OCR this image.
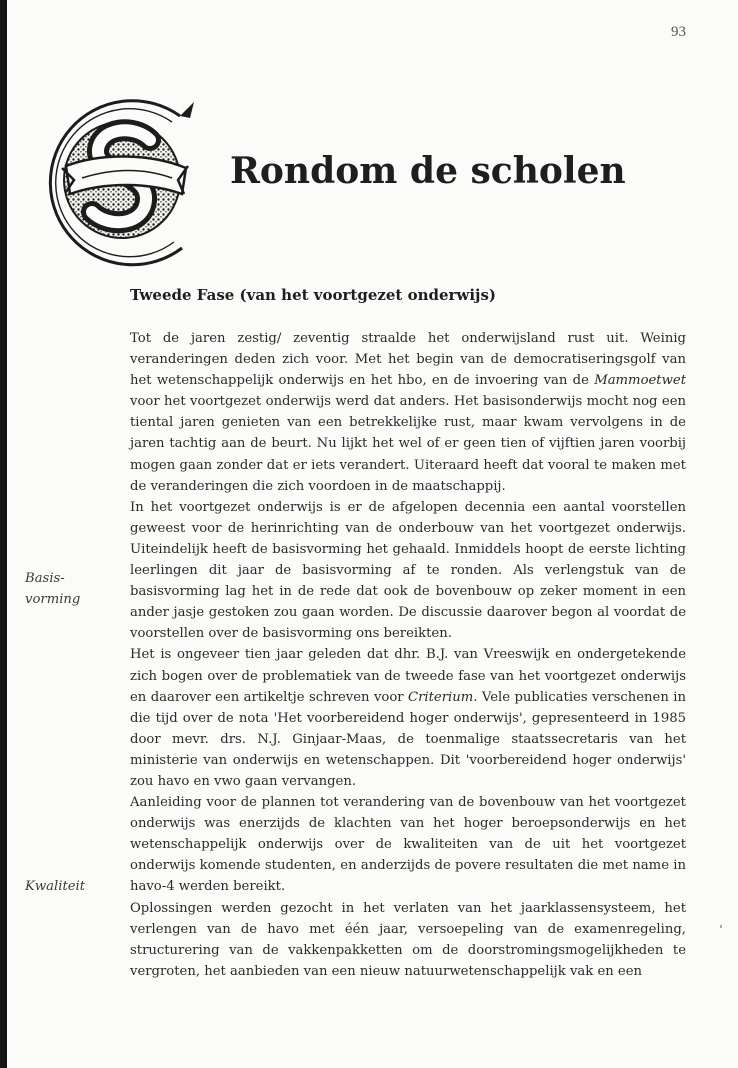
93
Rondom de scholen
Tweede Fase (van het voortgezet onderwijs)
Basis-
vorming
Kwaliteit

Tot de jaren zestig/ zeventig straalde het onderwijsland rust uit. Weinig veranderingen deden zich voor. Met het begin van de democratiseringsgolf van het wetenschappelijk onderwijs en het hbo, en de invoering van de Mammoetwet voor het voortgezet onderwijs werd dat anders. Het basisonderwijs mocht nog een tiental jaren genieten van een betrekkelijke rust, maar kwam vervolgens in de jaren tachtig aan de beurt. Nu lijkt het wel of er geen tien of vijftien jaren voorbij mogen gaan zonder dat er iets verandert. Uiteraard heeft dat vooral te maken met de veranderingen die zich voordoen in de maatschappij.

In het voortgezet onderwijs is er de afgelopen decennia een aantal voorstellen geweest voor de herinrichting van de onderbouw van het voortgezet onderwijs. Uiteindelijk heeft de basisvorming het gehaald. Inmiddels hoopt de eerste lichting leerlingen dit jaar de basisvorming af te ronden. Als verlengstuk van de basisvorming lag het in de rede dat ook de bovenbouw op zeker moment in een ander jasje gestoken zou gaan worden. De discussie daarover begon al voordat de voorstellen over de basisvorming ons bereikten.

Het is ongeveer tien jaar geleden dat dhr. B.J. van Vreeswijk en ondergetekende zich bogen over de problematiek van de tweede fase van het voortgezet onderwijs en daarover een artikeltje schreven voor Criterium. Vele publicaties verschenen in die tijd over de nota 'Het voorbereidend hoger onderwijs', gepresenteerd in 1985 door mevr. drs. N.J. Ginjaar-Maas, de toenmalige staatssecretaris van het ministerie van onderwijs en wetenschappen. Dit 'voorbereidend hoger onderwijs' zou havo en vwo gaan vervangen.

Aanleiding voor de plannen tot verandering van de bovenbouw van het voortgezet onderwijs was enerzijds de klachten van het hoger beroepsonderwijs en het wetenschappelijk onderwijs over de kwaliteiten van de uit het voortgezet onderwijs komende studenten, en anderzijds de povere resultaten die met name in havo-4 werden bereikt.

Oplossingen werden gezocht in het verlaten van het jaarklassensysteem, het verlengen van de havo met één jaar, versoepeling van de examenregeling, structurering van de vakkenpakketten om de doorstromingsmogelijkheden te vergroten, het aanbieden van een nieuw natuurwetenschappelijk vak en een
